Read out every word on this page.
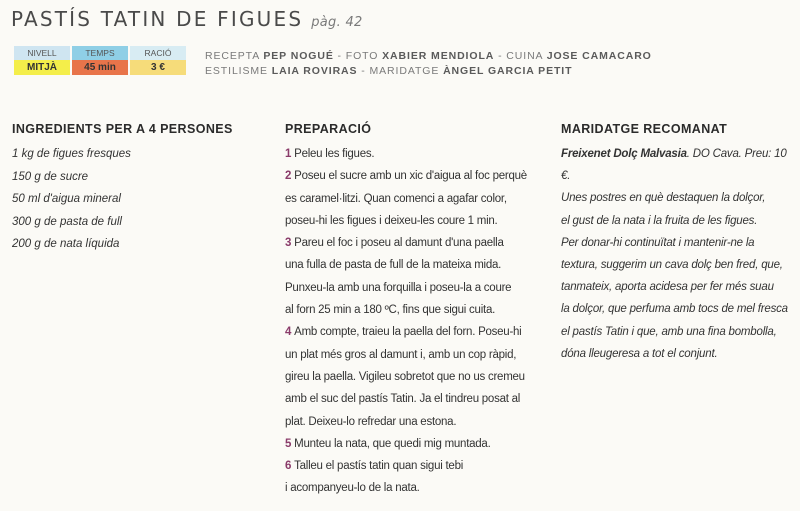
PASTÍS TATIN DE FIGUES pàg. 42
NIVELL
MITJÀ
TEMPS
45 min
RACIÓ
3 €
RECEPTA PEP NOGUÉ - FOTO XABIER MENDIOLA - CUINA JOSE CAMACARO
ESTILISME LAIA ROVIRAS - MARIDATGE ÀNGEL GARCIA PETIT
INGREDIENTS PER A 4 PERSONES
1 kg de figues fresques
150 g de sucre
50 ml d'aigua mineral
300 g de pasta de full
200 g de nata líquida
PREPARACIÓ

1 Peleu les figues.

2 Poseu el sucre amb un xic d'aigua al foc perquè

es caramel·litzi. Quan comenci a agafar color,

poseu-hi les figues i deixeu-les coure 1 min.

3 Pareu el foc i poseu al damunt d'una paella

una fulla de pasta de full de la mateixa mida.

Punxeu-la amb una forquilla i poseu-la a coure

al forn 25 min a 180 ºC, fins que sigui cuita.

4 Amb compte, traieu la paella del forn. Poseu-hi

un plat més gros al damunt i, amb un cop ràpid,

gireu la paella. Vigileu sobretot que no us cremeu

amb el suc del pastís Tatin. Ja el tindreu posat al

plat. Deixeu-lo refredar una estona.

5 Munteu la nata, que quedi mig muntada.

6 Talleu el pastís tatin quan sigui tebi

i acompanyeu-lo de la nata.

MARIDATGE RECOMANAT

Freixenet Dolç Malvasia. DO Cava. Preu: 10 €.

Unes postres en què destaquen la dolçor,

el gust de la nata i la fruita de les figues.

Per donar-hi continuïtat i mantenir-ne la

textura, suggerim un cava dolç ben fred, que,

tanmateix, aporta acidesa per fer més suau

la dolçor, que perfuma amb tocs de mel fresca

el pastís Tatin i que, amb una fina bombolla,

dóna lleugeresa a tot el conjunt.
